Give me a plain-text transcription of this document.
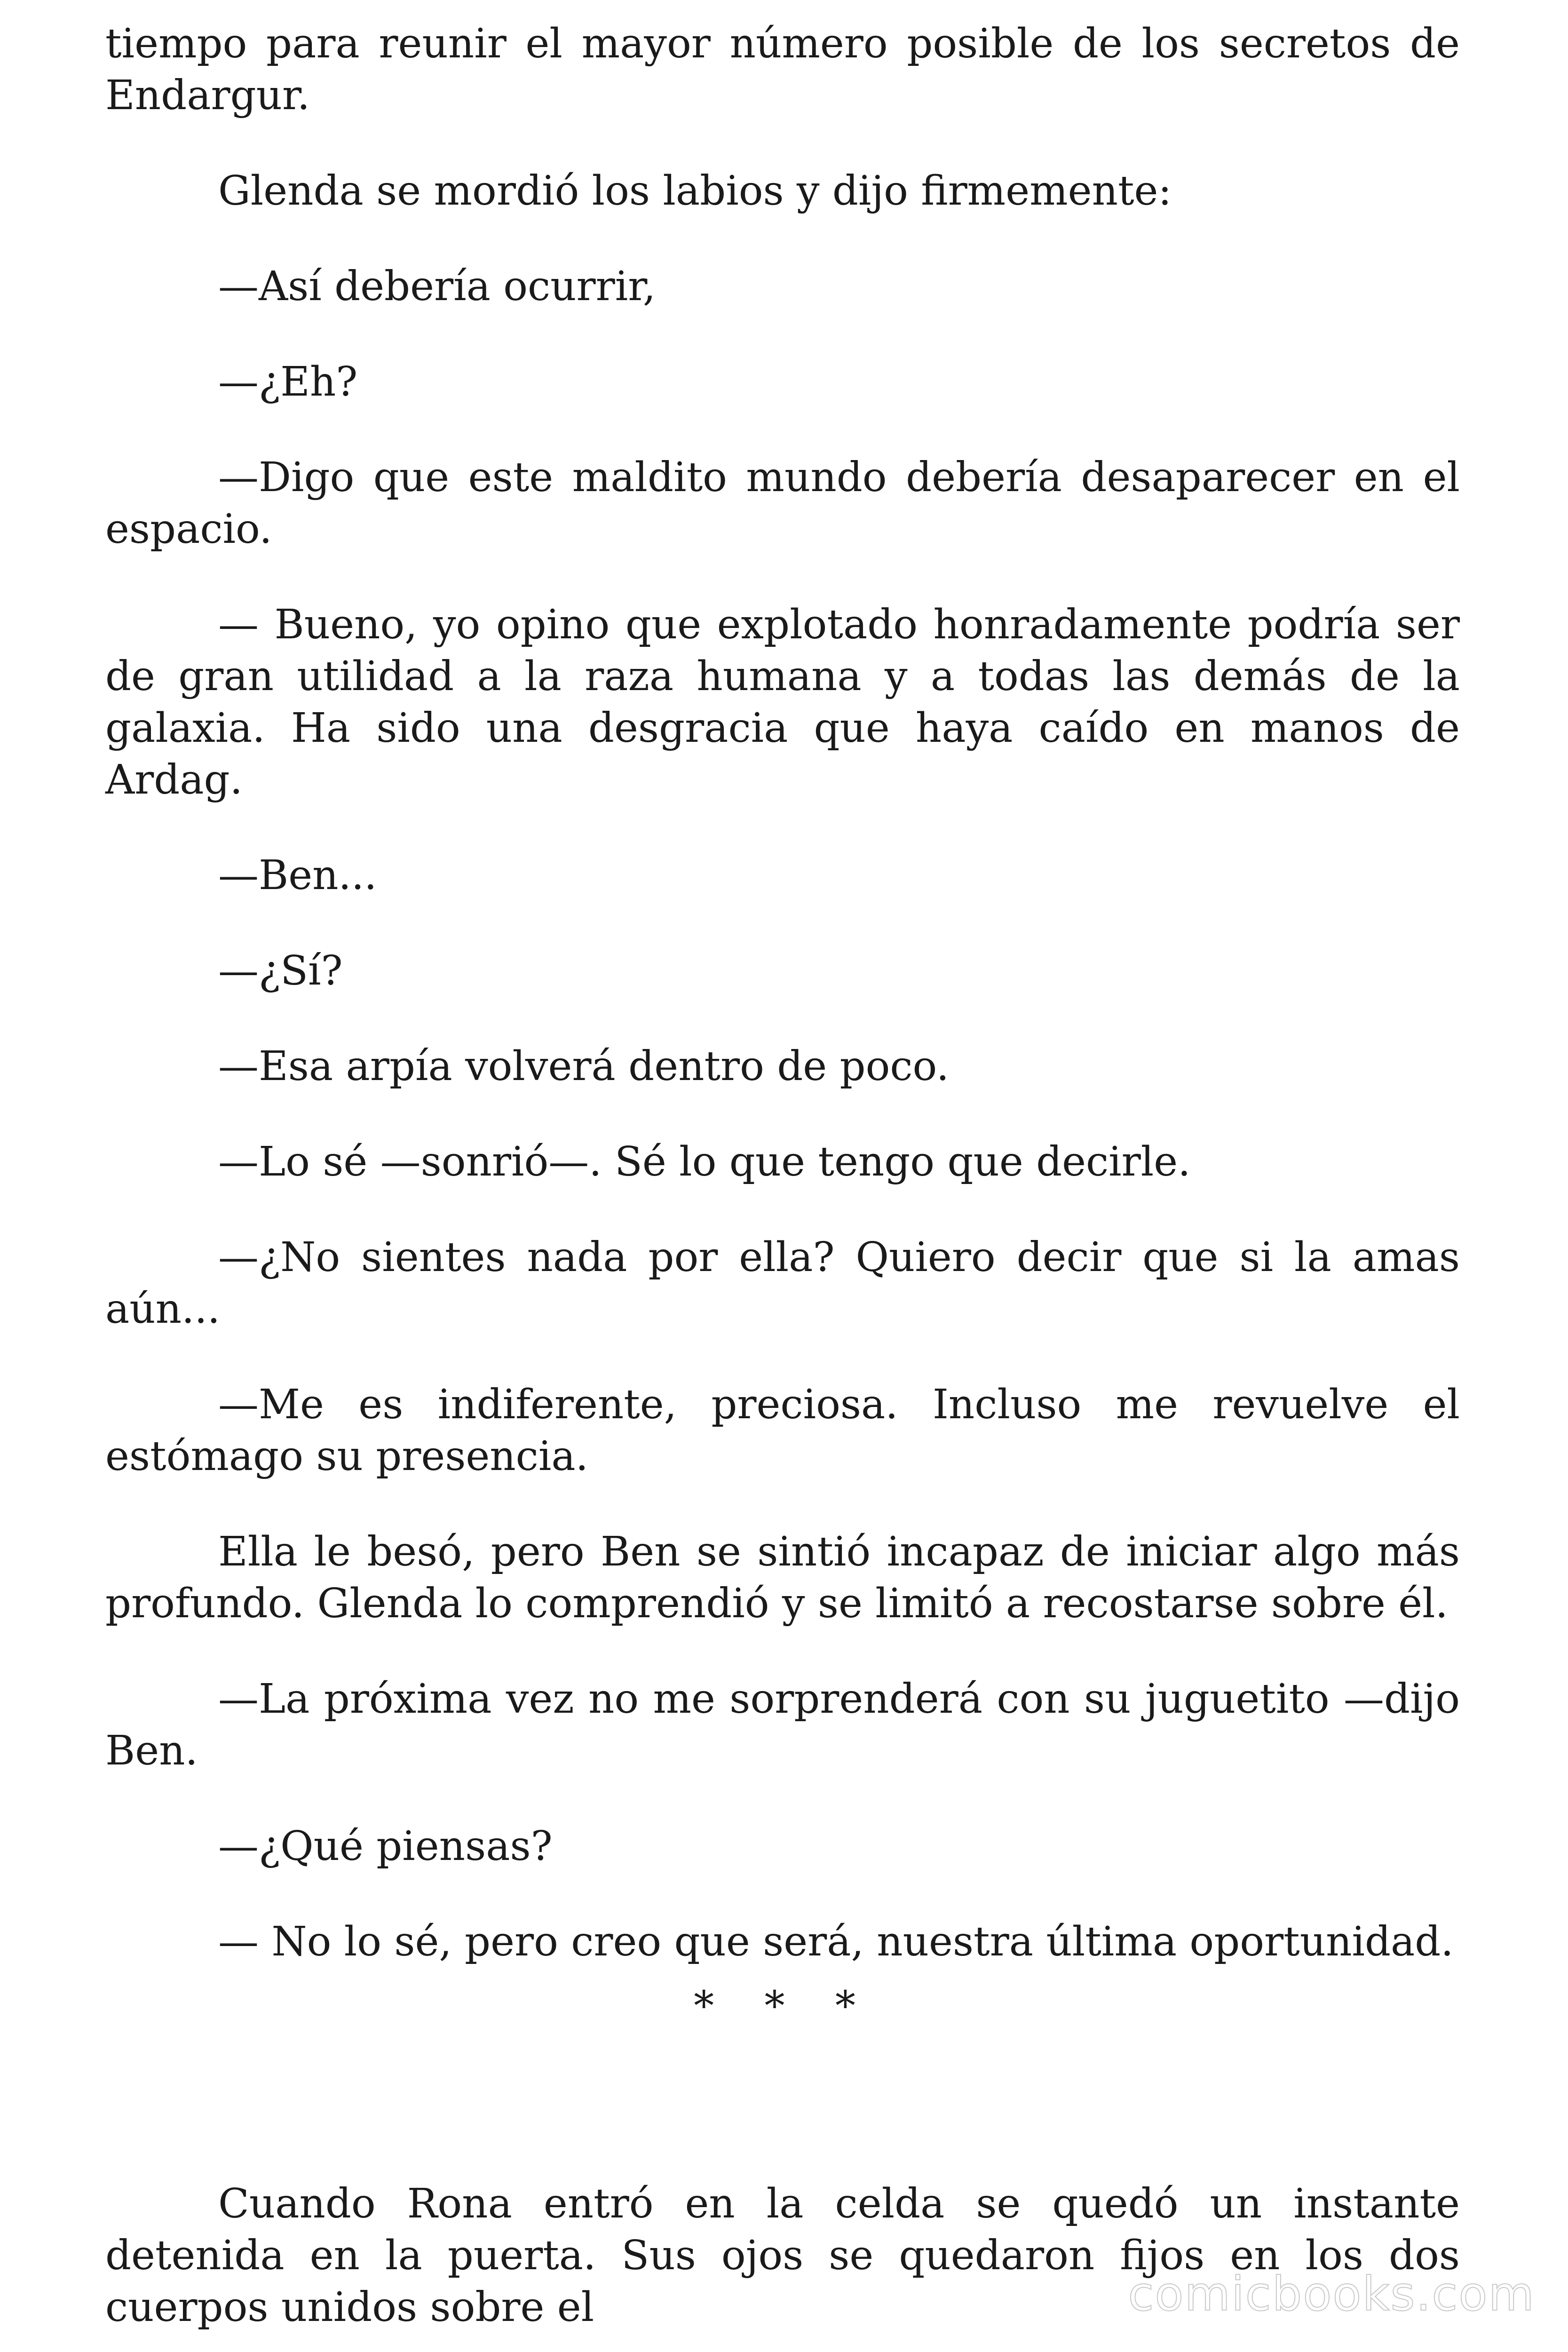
tiempo para reunir el mayor número posible de los secretos de Endargur.

Glenda se mordió los labios y dijo firmemente:

—Así debería ocurrir,

—¿Eh?

—Digo que este maldito mundo debería desaparecer en el espacio.

— Bueno, yo opino que explotado honradamente podría ser de gran utilidad a la raza humana y a todas las demás de la galaxia. Ha sido una desgracia que haya caído en manos de Ardag.

—Ben...

—¿Sí?

—Esa arpía volverá dentro de poco.

—Lo sé —sonrió—. Sé lo que tengo que decirle.

—¿No sientes nada por ella? Quiero decir que si la amas aún...

—Me es indiferente, preciosa. Incluso me revuelve el estómago su presencia.

Ella le besó, pero Ben se sintió incapaz de iniciar algo más profundo. Glenda lo comprendió y se limitó a recostarse sobre él.

—La próxima vez no me sorprenderá con su juguetito —dijo Ben.

—¿Qué piensas?

— No lo sé, pero creo que será, nuestra última oportunidad.

* * *

Cuando Rona entró en la celda se quedó un instante detenida en la puerta. Sus ojos se quedaron fijos en los dos cuerpos unidos sobre el	comicbooks.com
